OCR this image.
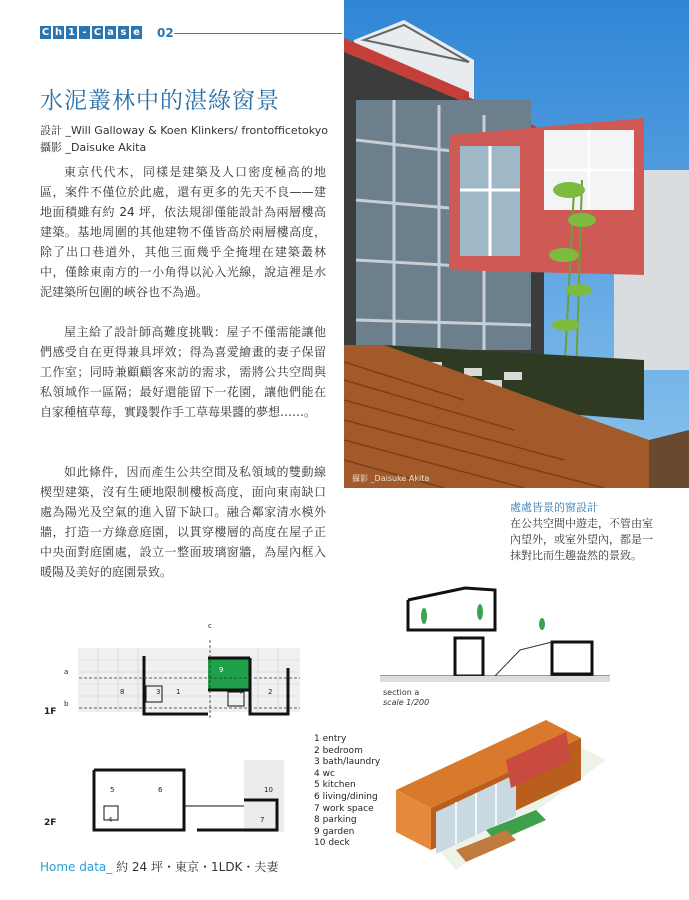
C h 1 - C a s e 02
水泥叢林中的湛綠窗景
設計 _Will Galloway & Koen Klinkers/ frontofficetokyo
攝影 _Daisuke Akita

東京代代木，同樣是建築及人口密度極高的地區，案件不僅位於此處，還有更多的先天不良——建地面積雖有約 24 坪，依法規卻僅能設計為兩層樓高建築。基地周圍的其他建物不僅皆高於兩層樓高度，除了出口巷道外，其他三面幾乎全掩埋在建築叢林中，僅餘東南方的一小角得以沁入光線，說這裡是水泥建築所包圍的峽谷也不為過。

屋主給了設計師高難度挑戰：屋子不僅需能讓他們感受自在更得兼具坪效；得為喜愛繪畫的妻子保留工作室；同時兼顧顧客來訪的需求，需將公共空間與私領域作一區隔；最好還能留下一花園，讓他們能在自家種植草莓，實踐製作手工草莓果醬的夢想……。

如此條件，因而產生公共空間及私領域的雙動線楔型建築，沒有生硬地限制樓板高度，面向東南缺口處為陽光及空氣的進入留下缺口。融合鄰家清水模外牆，打造一方綠意庭園，以貫穿樓層的高度在屋子正中央面對庭園處，設立一整面玻璃窗牆，為屋內框入暖陽及美好的庭園景致。

攝影 _Daisuke Akita
處處皆景的窗設計

在公共空間中遊走，不管由室內望外，或室外望內，都是一抹對比而生趣盎然的景致。

section a
scale 1/200
8	3 1
9
4	2
a
b
c
1F
5	6	10
4	7
2F
1 entry
2 bedroom
3 bath/laundry
4 wc
5 kitchen
6 living/dining
7 work space
8 parking
9 garden
10 deck
Home data_ 約 24 坪・東京・1LDK・夫妻
